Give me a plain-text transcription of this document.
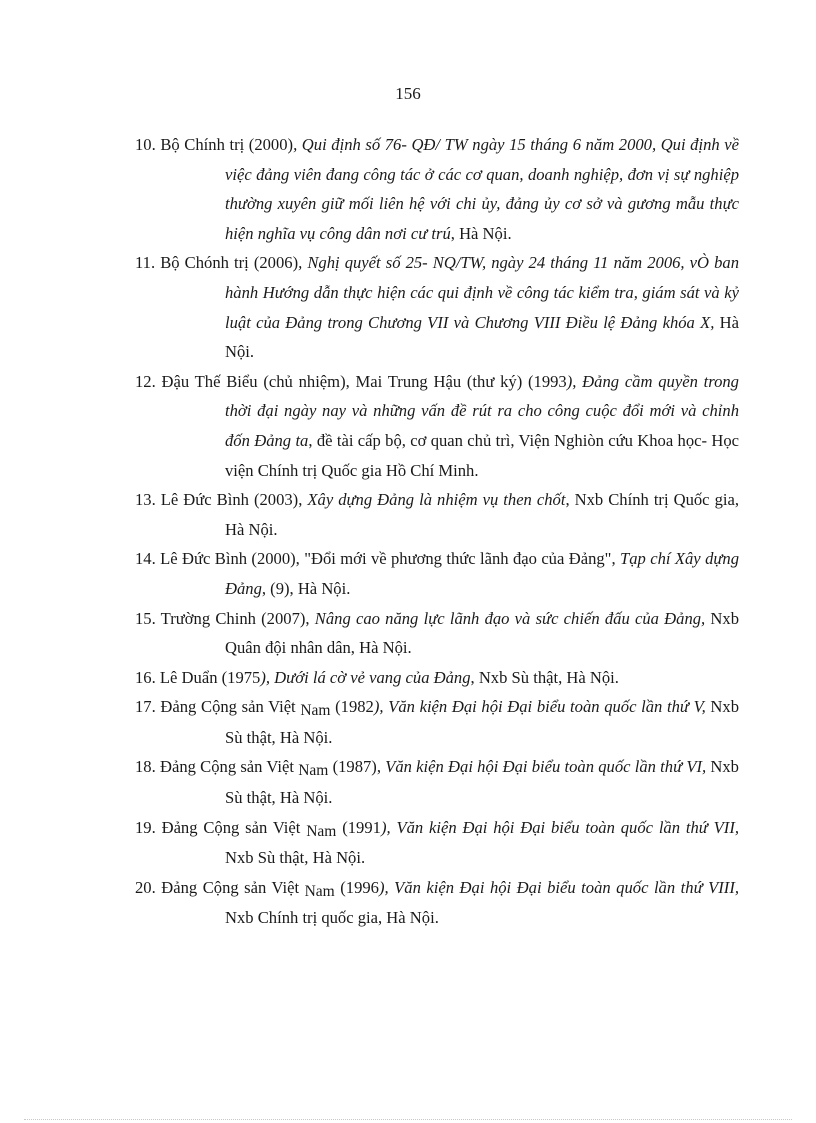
156
10. Bộ Chính trị (2000), Qui định số 76- QĐ/ TW ngày 15 tháng 6 năm 2000, Qui định về việc đảng viên đang công tác ở các cơ quan, doanh nghiệp, đơn vị sự nghiệp thường xuyên giữ mối liên hệ với chi ủy, đảng ủy cơ sở và gương mẫu thực hiện nghĩa vụ công dân nơi cư trú, Hà Nội.
11. Bộ Chónh trị (2006), Nghị quyết số 25- NQ/TW, ngày 24 tháng 11 năm 2006, vÒ ban hành Hướng dẫn thực hiện các qui định về công tác kiểm tra, giám sát và kỷ luật của Đảng trong Chương VII và Chương VIII Điều lệ Đảng khóa X, Hà Nội.
12. Đậu Thế Biểu (chủ nhiệm), Mai Trung Hậu (thư ký) (1993), Đảng cầm quyền trong thời đại ngày nay và những vấn đề rút ra cho công cuộc đổi mới và chỉnh đốn Đảng ta, đề tài cấp bộ, cơ quan chủ trì, Viện Nghiòn cứu Khoa học- Học viện Chính trị Quốc gia Hồ Chí Minh.
13. Lê Đức Bình (2003), Xây dựng Đảng là nhiệm vụ then chốt, Nxb Chính trị Quốc gia, Hà Nội.
14. Lê Đức Bình (2000), "Đổi mới về phương thức lãnh đạo của Đảng", Tạp chí Xây dựng Đảng, (9), Hà Nội.
15. Trường Chinh (2007), Nâng cao năng lực lãnh đạo và sức chiến đấu của Đảng, Nxb Quân đội nhân dân, Hà Nội.
16. Lê Duẩn (1975), Dưới lá cờ vẻ vang của Đảng, Nxb Sù thật, Hà Nội.
17. Đảng Cộng sản Việt Nam (1982), Văn kiện Đại hội Đại biểu toàn quốc lần thứ V, Nxb Sù thật, Hà Nội.
18. Đảng Cộng sản Việt Nam (1987), Văn kiện Đại hội Đại biểu toàn quốc lần thứ VI, Nxb Sù thật, Hà Nội.
19. Đảng Cộng sản Việt Nam (1991), Văn kiện Đại hội Đại biểu toàn quốc lần thứ VII, Nxb Sù thật, Hà Nội.
20. Đảng Cộng sản Việt Nam (1996), Văn kiện Đại hội Đại biểu toàn quốc lần thứ VIII, Nxb Chính trị quốc gia, Hà Nội.
